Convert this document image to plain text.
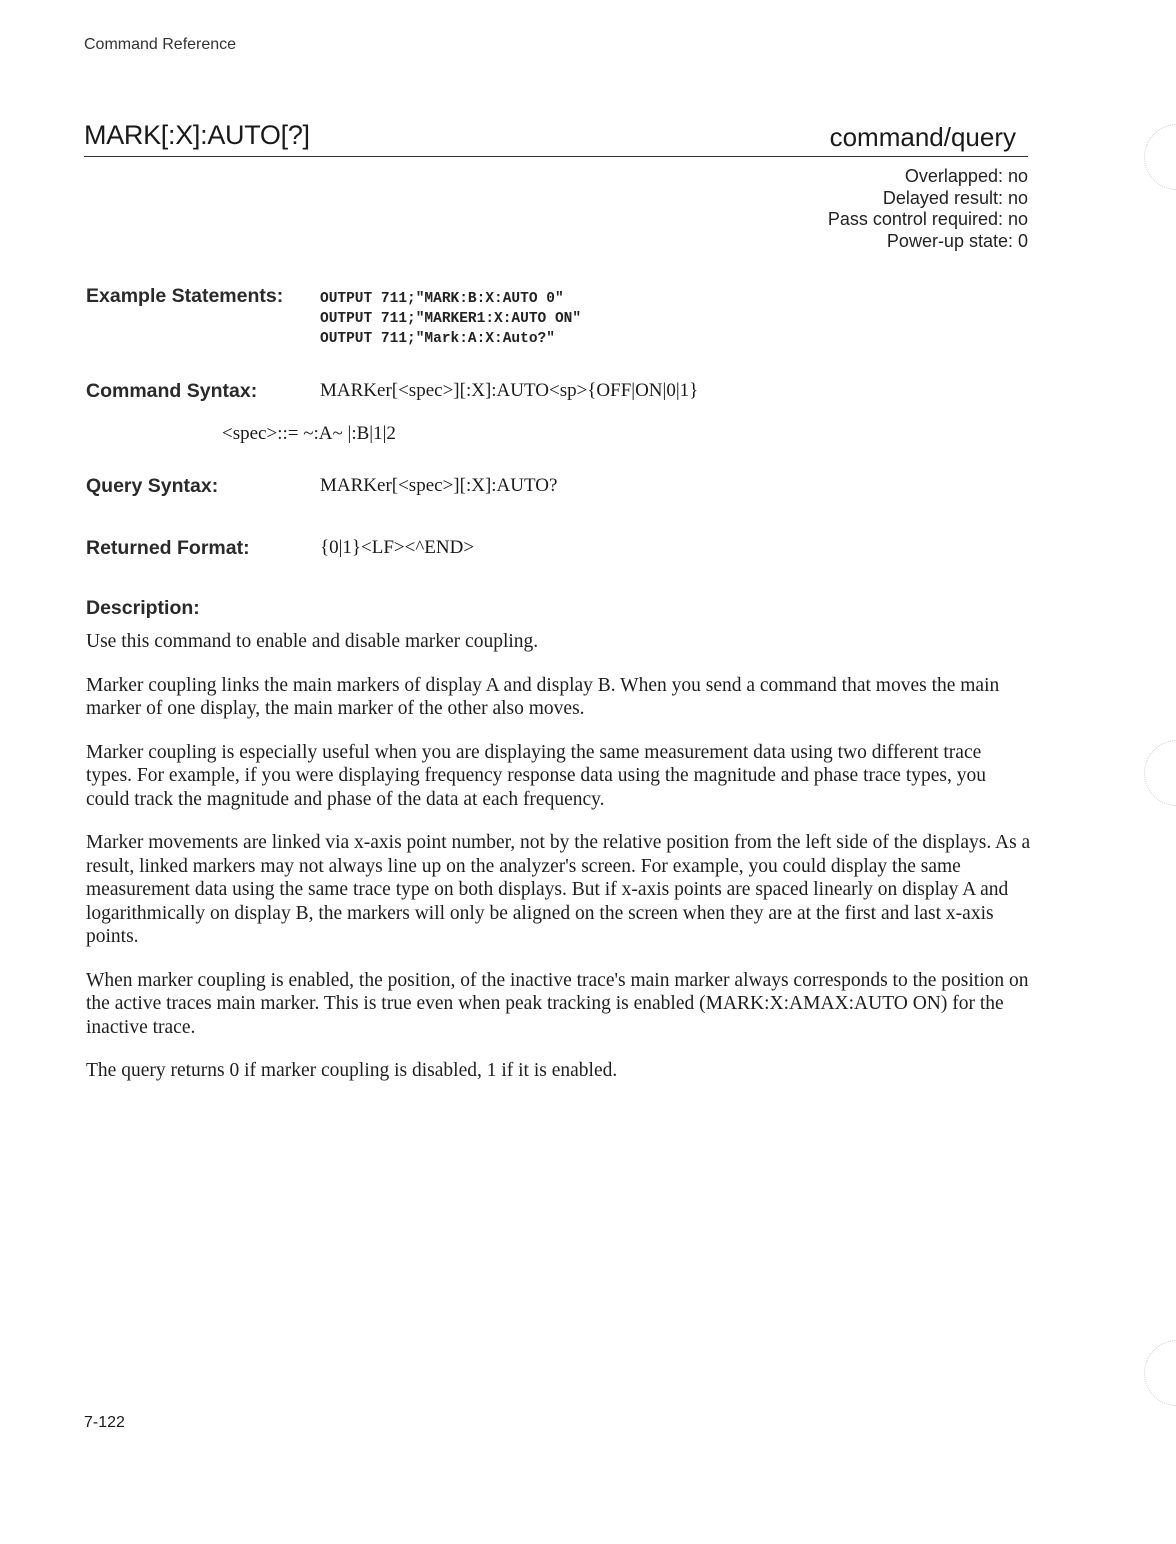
Command Reference
MARK[:X]:AUTO[?]	command/query
Overlapped: no
Delayed result: no
Pass control required: no
Power-up state: 0
Example Statements:	OUTPUT 711;"MARK:B:X:AUTO 0"
OUTPUT 711;"MARKER1:X:AUTO ON"
OUTPUT 711;"Mark:A:X:Auto?"
Command Syntax:	MARKer[<spec>][:X]:AUTO<sp>{OFF|ON|0|1}
<spec>::= ~:A~ |:B|1|2
Query Syntax:	MARKer[<spec>][:X]:AUTO?
Returned Format:	{0|1}<LF><^END>
Description:

Use this command to enable and disable marker coupling.

Marker coupling links the main markers of display A and display B. When you send a command that moves the main marker of one display, the main marker of the other also moves.

Marker coupling is especially useful when you are displaying the same measurement data using two different trace types. For example, if you were displaying frequency response data using the magnitude and phase trace types, you could track the magnitude and phase of the data at each frequency.

Marker movements are linked via x-axis point number, not by the relative position from the left side of the displays. As a result, linked markers may not always line up on the analyzer's screen. For example, you could display the same measurement data using the same trace type on both displays. But if x-axis points are spaced linearly on display A and logarithmically on display B, the markers will only be aligned on the screen when they are at the first and last x-axis points.

When marker coupling is enabled, the position, of the inactive trace's main marker always corresponds to the position on the active traces main marker. This is true even when peak tracking is enabled (MARK:X:AMAX:AUTO ON) for the inactive trace.

The query returns 0 if marker coupling is disabled, 1 if it is enabled.

7-122
